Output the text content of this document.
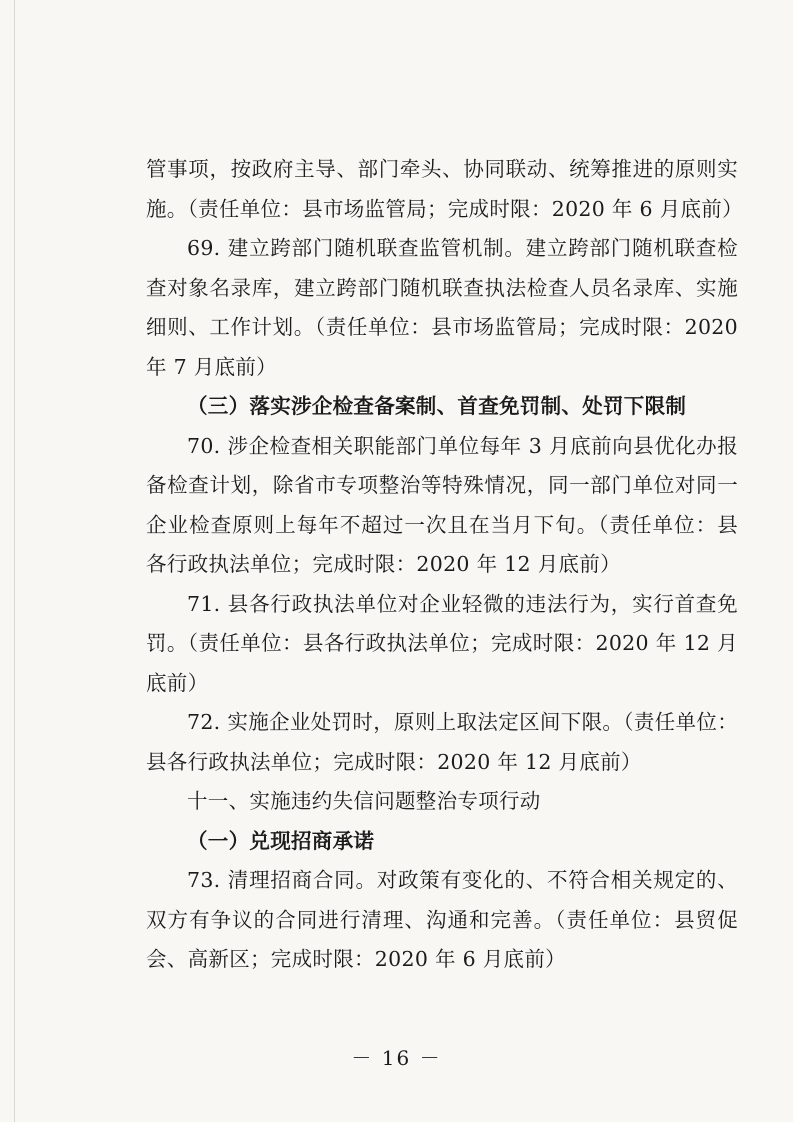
管事项，按政府主导、部门牵头、协同联动、统筹推进的原则实施。（责任单位：县市场监管局；完成时限：2020 年 6 月底前）

69. 建立跨部门随机联查监管机制。建立跨部门随机联查检查对象名录库，建立跨部门随机联查执法检查人员名录库、实施细则、工作计划。（责任单位：县市场监管局；完成时限：2020 年 7 月底前）

（三）落实涉企检查备案制、首查免罚制、处罚下限制

70. 涉企检查相关职能部门单位每年 3 月底前向县优化办报备检查计划，除省市专项整治等特殊情况，同一部门单位对同一企业检查原则上每年不超过一次且在当月下旬。（责任单位：县各行政执法单位；完成时限：2020 年 12 月底前）

71. 县各行政执法单位对企业轻微的违法行为，实行首查免罚。（责任单位：县各行政执法单位；完成时限：2020 年 12 月底前）

72. 实施企业处罚时，原则上取法定区间下限。（责任单位：县各行政执法单位；完成时限：2020 年 12 月底前）

十一、实施违约失信问题整治专项行动
（一）兑现招商承诺

73. 清理招商合同。对政策有变化的、不符合相关规定的、双方有争议的合同进行清理、沟通和完善。（责任单位：县贸促会、高新区；完成时限：2020 年 6 月底前）

－ 16 －
